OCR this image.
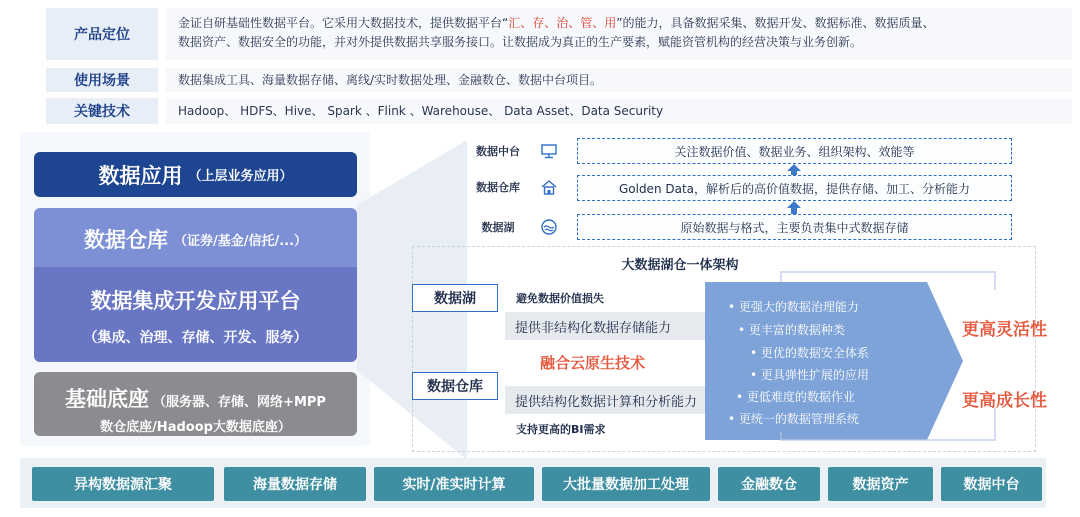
产品定位
金证自研基础性数据平台。它采用大数据技术，提供数据平台“汇、存、治、管、用”的能力，具备数据采集、数据开发、数据标准、数据质量、
数据资产、数据安全的功能，并对外提供数据共享服务接口。让数据成为真正的生产要素，赋能资管机构的经营决策与业务创新。
使用场景	数据集成工具、海量数据存储、离线/实时数据处理、金融数仓、数据中台项目。
关键技术	Hadoop、 HDFS、Hive、 Spark 、Flink 、Warehouse、 Data Asset、Data Security
数据应用 （上层业务应用）
数据仓库 （证券/基金/信托/...）
数据集成开发应用平台
（集成、治理、存储、开发、服务）
基础底座 （服务器、存储、网络+MPP
数仓底座/Hadoop大数据底座）
数据中台	关注数据价值、数据业务、组织架构、效能等
数据仓库	Golden Data，解析后的高价值数据，提供存储、加工、分析能力
数据湖	原始数据与格式，主要负责集中式数据存储
大数据湖仓一体架构
数据湖	避免数据价值损失
提供非结构化数据存储能力
融合云原生技术
数据仓库
提供结构化数据计算和分析能力
支持更高的BI需求
• 更强大的数据治理能力
• 更丰富的数据种类
• 更优的数据安全体系
• 更具弹性扩展的应用
• 更低难度的数据作业
• 更统一的数据管理系统
更高灵活性
更高成长性
异构数据源汇聚	海量数据存储	实时/准实时计算	大批量数据加工处理	金融数仓	数据资产	数据中台
